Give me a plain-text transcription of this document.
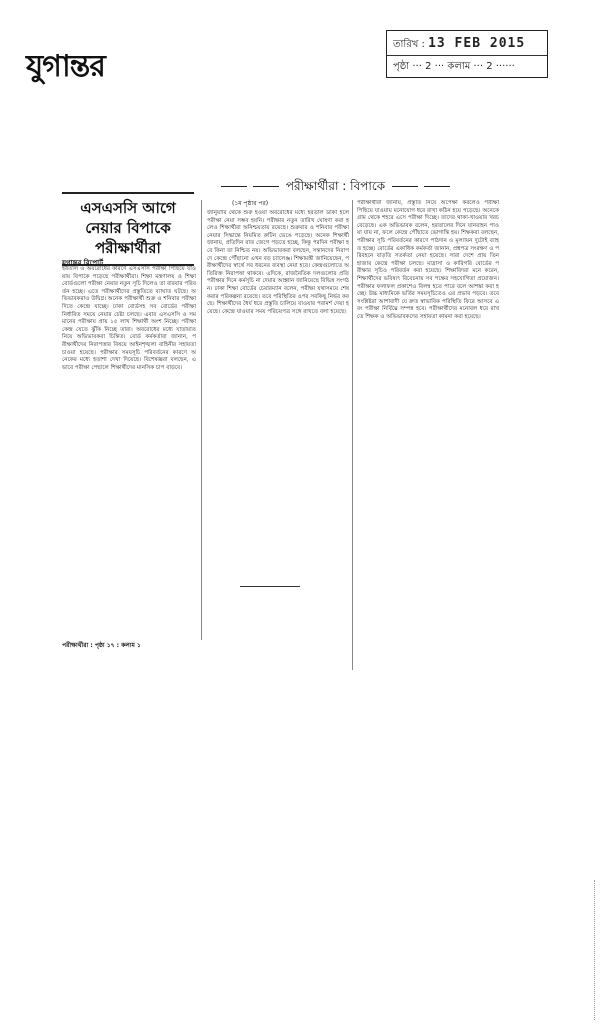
যুগান্তর
তারিখ : 13 FEB 2015
পৃষ্ঠা ··· 2 ··· কলাম ··· 2 ······
পরীক্ষার্থীরা : বিপাকে
এসএসসি আগে
নেয়ার বিপাকে
পরীক্ষার্থীরা
যুগান্তর রিপোর্ট
হরতাল ও অবরোধের কারণে এসএসসি পরীক্ষা পিছিয়ে যাওয়ায় বিপাকে পড়েছে পরীক্ষার্থীরা। শিক্ষা মন্ত্রণালয় ও শিক্ষা বোর্ডগুলো পরীক্ষা নেয়ার নতুন সূচি দিলেও তা বারবার পরিবর্তন হচ্ছে। এতে পরীক্ষার্থীদের প্রস্তুতিতে ব্যাঘাত ঘটছে। অভিভাবকরাও উদ্বিগ্ন। অনেক পরীক্ষার্থী শুক্র ও শনিবার পরীক্ষা দিতে কেন্দ্রে যাচ্ছে। ঢাকা বোর্ডসহ সব বোর্ডের পরীক্ষা নির্ধারিত সময়ে নেয়ার চেষ্টা চলছে। এবার এসএসসি ও সমমানের পরীক্ষায় প্রায় ১৫ লাখ শিক্ষার্থী অংশ নিচ্ছে। পরীক্ষা কেন্দ্র যেতে ঝুঁকি নিচ্ছে তারা। অবরোধের মধ্যে যাতায়াত নিয়ে অভিভাবকরা চিন্তিত। বোর্ড কর্মকর্তারা জানান, পরীক্ষার্থীদের নিরাপত্তার বিষয়ে আইনশৃঙ্খলা বাহিনীর সহায়তা চাওয়া হয়েছে। পরীক্ষার সময়সূচি পরিবর্তনের কারণে অনেকের মধ্যে হতাশা দেখা দিয়েছে। বিশেষজ্ঞরা বলছেন, এভাবে পরীক্ষা পেছালে শিক্ষার্থীদের মানসিক চাপ বাড়বে।
পরীক্ষার্থীরা : পৃষ্ঠা ১৭ : কলাম ১
(১ম পৃষ্ঠার পর)
জানুয়ারি থেকে শুরু হওয়া অবরোধের মধ্যে হরতাল ডাকা হলে পরীক্ষা নেয়া সম্ভব হয়নি। পরীক্ষার নতুন তারিখ ঘোষণা করা হলেও শিক্ষার্থীরা অনিশ্চয়তায় রয়েছে। শুক্রবার ও শনিবার পরীক্ষা নেয়ার সিদ্ধান্তে নিয়মিত রুটিন ভেঙে পড়েছে। অনেক শিক্ষার্থী জানায়, প্রতিদিন রাত জেগে পড়তে হচ্ছে, কিন্তু পরদিন পরীক্ষা হবে কিনা তা নিশ্চিত নয়। অভিভাবকরা বলছেন, সন্তানদের নিরাপদে কেন্দ্রে পৌঁছানো এখন বড় চ্যালেঞ্জ। শিক্ষামন্ত্রী জানিয়েছেন, পরীক্ষার্থীদের স্বার্থে সব ধরনের ব্যবস্থা নেয়া হবে। কেন্দ্রগুলোতে অতিরিক্ত নিরাপত্তা থাকবে। এদিকে, রাজনৈতিক দলগুলোর প্রতি পরীক্ষার দিনে কর্মসূচি না দেয়ার আহ্বান জানিয়েছে বিভিন্ন সংগঠন। ঢাকা শিক্ষা বোর্ডের চেয়ারম্যান বলেন, পরীক্ষা যথাসময়ে শেষ করার পরিকল্পনা রয়েছে। তবে পরিস্থিতির ওপর সবকিছু নির্ভর করছে। শিক্ষার্থীদের ধৈর্য ধরে প্রস্তুতি চালিয়ে যাওয়ার পরামর্শ দেয়া হয়েছে। কেন্দ্রে যাওয়ার সময় পরিচয়পত্র সঙ্গে রাখতে বলা হয়েছে।
পরীক্ষার্থীরা জানায়, প্রস্তুতি নিয়ে অপেক্ষা করলেও পরীক্ষা পিছিয়ে যাওয়ায় মনোযোগ ধরে রাখা কঠিন হয়ে পড়েছে। অনেকে গ্রাম থেকে শহরে এসে পরীক্ষা দিচ্ছে। তাদের থাকা-খাওয়ার খরচ বেড়েছে। এক অভিভাবক বলেন, হরতালের দিনে যানবাহন পাওয়া যায় না, ফলে কেন্দ্রে পৌঁছাতে ভোগান্তি হয়। শিক্ষকরা বলছেন, পরীক্ষার সূচি পরিবর্তনের কারণে পাঠদান ও মূল্যায়ন দুটোই ব্যাহত হচ্ছে। বোর্ডের একাধিক কর্মকর্তা জানান, প্রশ্নপত্র সংরক্ষণ ও পরিবহনে বাড়তি সতর্কতা নেয়া হয়েছে। সারা দেশে প্রায় তিন হাজার কেন্দ্রে পরীক্ষা চলছে। মাদ্রাসা ও কারিগরি বোর্ডের পরীক্ষার সূচিও পরিবর্তন করা হয়েছে। শিক্ষাবিদরা মনে করেন, শিক্ষার্থীদের ভবিষ্যৎ বিবেচনায় সব পক্ষের সহযোগিতা প্রয়োজন। পরীক্ষার ফলাফল প্রকাশেও বিলম্ব হতে পারে বলে আশঙ্কা করা হচ্ছে। উচ্চ মাধ্যমিকে ভর্তির সময়সূচিতেও এর প্রভাব পড়বে। তবে সংশ্লিষ্টরা আশাবাদী যে দ্রুত স্বাভাবিক পরিস্থিতি ফিরে আসবে এবং পরীক্ষা নির্বিঘ্নে সম্পন্ন হবে। পরীক্ষার্থীদের মনোবল ধরে রাখতে শিক্ষক ও অভিভাবকদের সহায়তা কামনা করা হয়েছে।
